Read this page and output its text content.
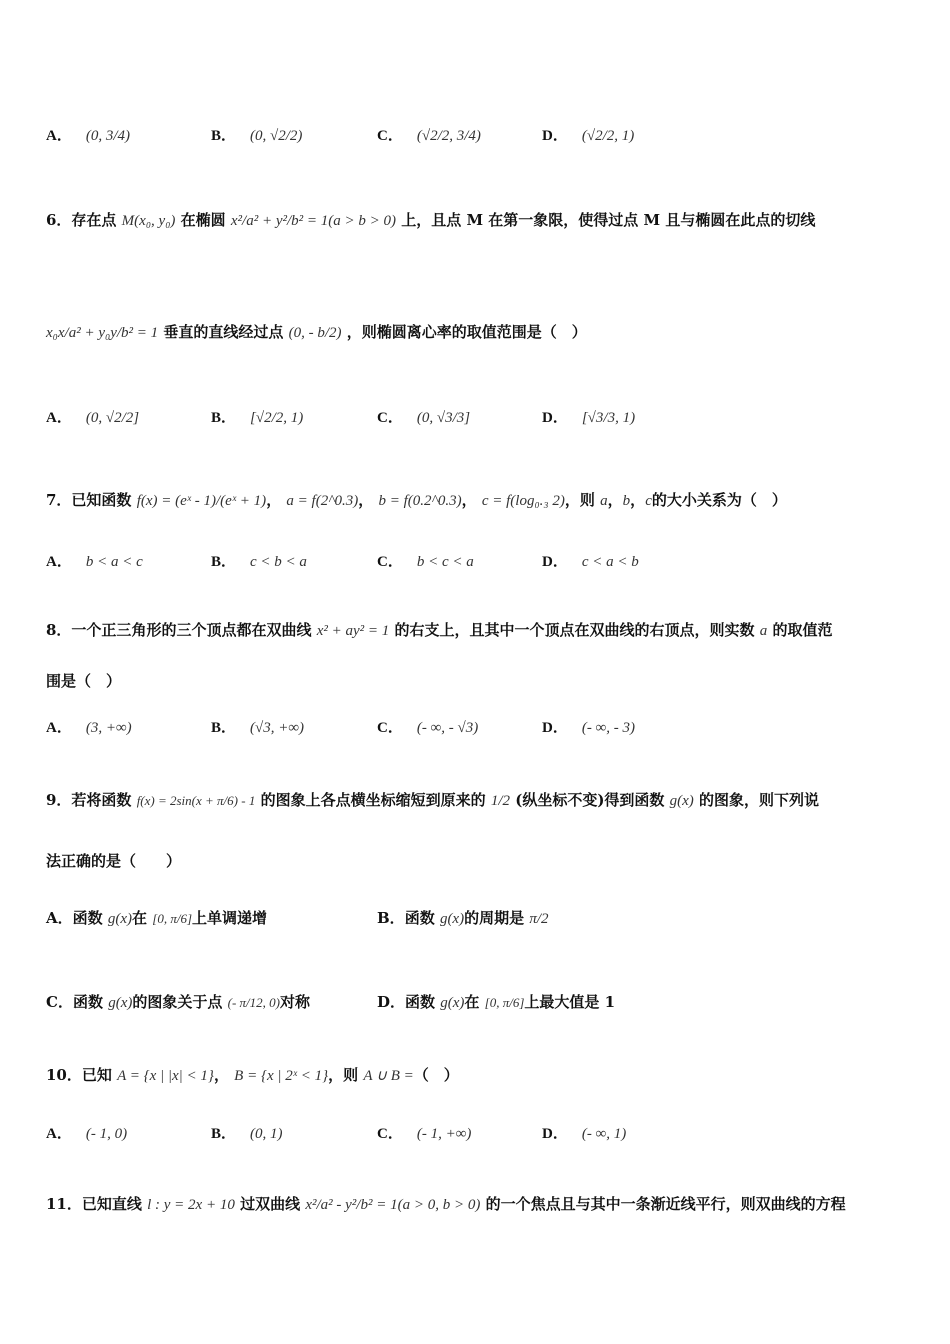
A． (0, 3/4)	B． (0, √2/2)	C． (√2/2, 3/4)	D． (√2/2, 1)
6．存在点 M(x₀, y₀) 在椭圆 x²/a² + y²/b² = 1(a > b > 0) 上，且点 M 在第一象限，使得过点 M 且与椭圆在此点的切线
x₀x/a² + y₀y/b² = 1 垂直的直线经过点 (0, - b/2) ，则椭圆离心率的取值范围是（　）
A． (0, √2/2]	B． [√2/2, 1)	C． (0, √3/3]	D． [√3/3, 1)
7．已知函数 f(x) = (eˣ - 1)/(eˣ + 1)， a = f(2^0.3)， b = f(0.2^0.3)， c = f(log₀.₃ 2)，则 a，b，c的大小关系为（　）
A． b < a < c	B． c < b < a	C． b < c < a	D． c < a < b
8．一个正三角形的三个顶点都在双曲线 x² + ay² = 1 的右支上，且其中一个顶点在双曲线的右顶点，则实数 a 的取值范
围是（　）
A． (3, +∞)	B． (√3, +∞)	C． (- ∞, - √3)	D． (- ∞, - 3)
9．若将函数 f(x) = 2sin(x + π/6) - 1 的图象上各点横坐标缩短到原来的 1/2 (纵坐标不变)得到函数 g(x) 的图象，则下列说
法正确的是（　　）
A．函数 g(x)在 [0, π/6]上单调递增	B．函数 g(x)的周期是 π/2
C．函数 g(x)的图象关于点 (- π/12, 0)对称	D．函数 g(x)在 [0, π/6]上最大值是 1
10．已知 A = {x | |x| < 1}， B = {x | 2ˣ < 1}，则 A ∪ B =（　）
A． (- 1, 0)	B． (0, 1)	C． (- 1, +∞)	D． (- ∞, 1)
11．已知直线 l : y = 2x + 10 过双曲线 x²/a² - y²/b² = 1(a > 0, b > 0) 的一个焦点且与其中一条渐近线平行，则双曲线的方程
